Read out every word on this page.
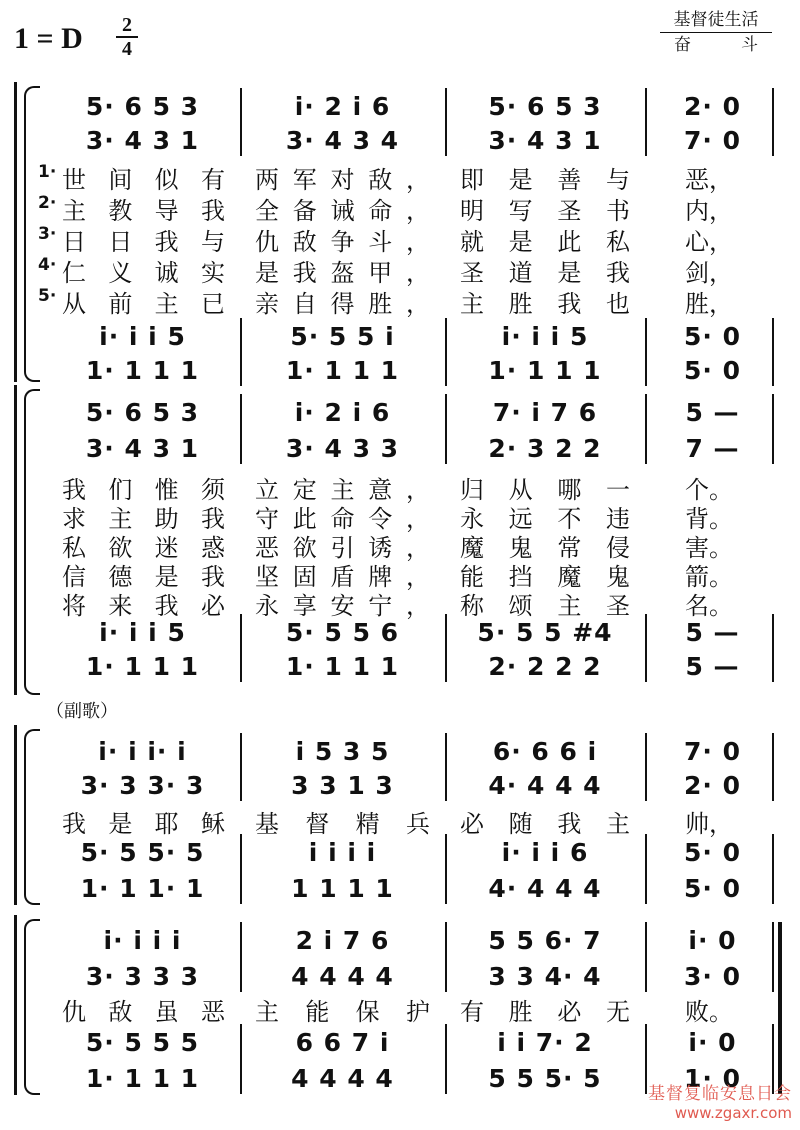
1 = D	2
4
基督徒生活
奋　　斗
（副歌）
5· 6 5 3	i· 2 i 6	5· 6 5 3	2· 0
3· 4 3 1	3· 4 3 4	3· 4 3 1	7· 0
i· i i 5	5· 5 5 i	i· i i 5	5· 0
1· 1 1 1	1· 1 1 1	1· 1 1 1	5· 0
1· 世 间 似 有 两 军 对 敌 ， 即 是 善 与 恶，
2· 主 教 导 我 全 备 诫 命 ， 明 写 圣 书 内，
3· 日 日 我 与 仇 敌 争 斗 ， 就 是 此 私 心，
4· 仁 义 诚 实 是 我 盔 甲 ， 圣 道 是 我 剑，
5· 从 前 主 已 亲 自 得 胜 ， 主 胜 我 也 胜，
5· 6 5 3	i· 2 i 6	7· i 7 6	5 —
3· 4 3 1	3· 4 3 3	2· 3 2 2	7 —
i· i i 5	5· 5 5 6	5· 5 5 #4	5 —
1· 1 1 1	1· 1 1 1	2· 2 2 2	5 —
我 们 惟 须 立 定 主 意 ， 归 从 哪 一 个。
求 主 助 我 守 此 命 令 ， 永 远 不 违 背。
私 欲 迷 惑 恶 欲 引 诱 ， 魔 鬼 常 侵 害。
信 德 是 我 坚 固 盾 牌 ， 能 挡 魔 鬼 箭。
将 来 我 必 永 享 安 宁 ， 称 颂 主 圣 名。
i· i i· i	i 5 3 5	6· 6 6 i	7· 0
3· 3 3· 3	3 3 1 3	4· 4 4 4	2· 0
5· 5 5· 5	i i i i	i· i i 6	5· 0
1· 1 1· 1	1 1 1 1	4· 4 4 4	5· 0
我 是 耶 稣 基 督 精 兵 必 随 我 主 帅，
i· i i i	2 i 7 6	5 5 6· 7	i· 0
3· 3 3 3	4 4 4 4	3 3 4· 4	3· 0
5· 5 5 5	6 6 7 i	i i 7· 2	i· 0
1· 1 1 1	4 4 4 4	5 5 5· 5	1· 0
仇 敌 虽 恶 主 能 保 护 有 胜 必 无 败。
基督复临安息日会
www.zgaxr.com
